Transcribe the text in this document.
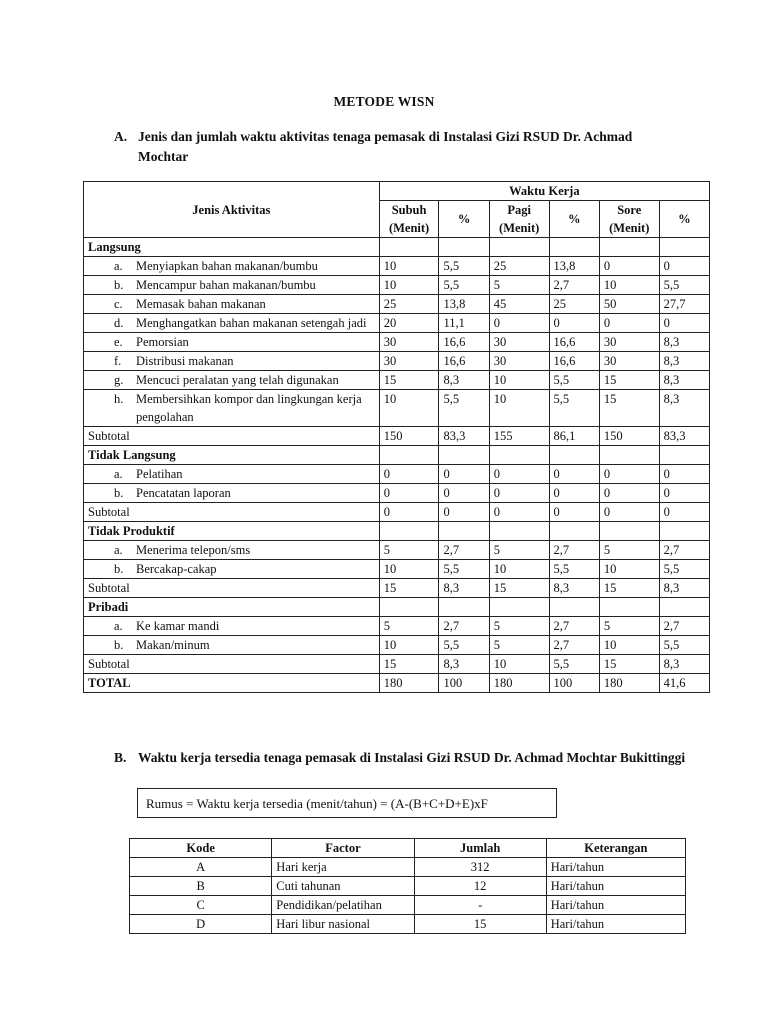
METODE WISN
A. Jenis dan jumlah waktu aktivitas tenaga pemasak di Instalasi Gizi RSUD Dr. Achmad Mochtar
Jenis Aktivitas	Waktu Kerja					
	Subuh (Menit)	%	Pagi (Menit)	%	Sore (Menit)	%
Langsung						

a. Menyiapkan bahan makanan/bumbu	10	5,5	25	13,8	0	0

b. Mencampur bahan makanan/bumbu	10	5,5	5	2,7	10	5,5

c. Memasak bahan makanan	25	13,8	45	25	50	27,7

d. Menghangatkan bahan makanan setengah jadi	20	11,1	0	0	0	0

e. Pemorsian	30	16,6	30	16,6	30	8,3

f. Distribusi makanan	30	16,6	30	16,6	30	8,3

g. Mencuci peralatan yang telah digunakan	15	8,3	10	5,5	15	8,3

h. Membersihkan kompor dan lingkungan kerja pengolahan	10	5,5	10	5,5	15	8,3
Subtotal	150	83,3	155	86,1	150	83,3
Tidak Langsung						

a. Pelatihan	0	0	0	0	0	0

b. Pencatatan laporan	0	0	0	0	0	0
Subtotal	0	0	0	0	0	0
Tidak Produktif						

a. Menerima telepon/sms	5	2,7	5	2,7	5	2,7

b. Bercakap-cakap	10	5,5	10	5,5	10	5,5
Subtotal	15	8,3	15	8,3	15	8,3
Pribadi						

a. Ke kamar mandi	5	2,7	5	2,7	5	2,7

b. Makan/minum	10	5,5	5	2,7	10	5,5
Subtotal	15	8,3	10	5,5	15	8,3
TOTAL	180	100	180	100	180	41,6
B. Waktu kerja tersedia tenaga pemasak di Instalasi Gizi RSUD Dr. Achmad Mochtar Bukittinggi
Rumus = Waktu kerja tersedia (menit/tahun) = (A-(B+C+D+E)xF
Kode	Factor	Jumlah	Keterangan
A	Hari kerja	312	Hari/tahun
B	Cuti tahunan	12	Hari/tahun
C	Pendidikan/pelatihan	-	Hari/tahun
D	Hari libur nasional	15	Hari/tahun
